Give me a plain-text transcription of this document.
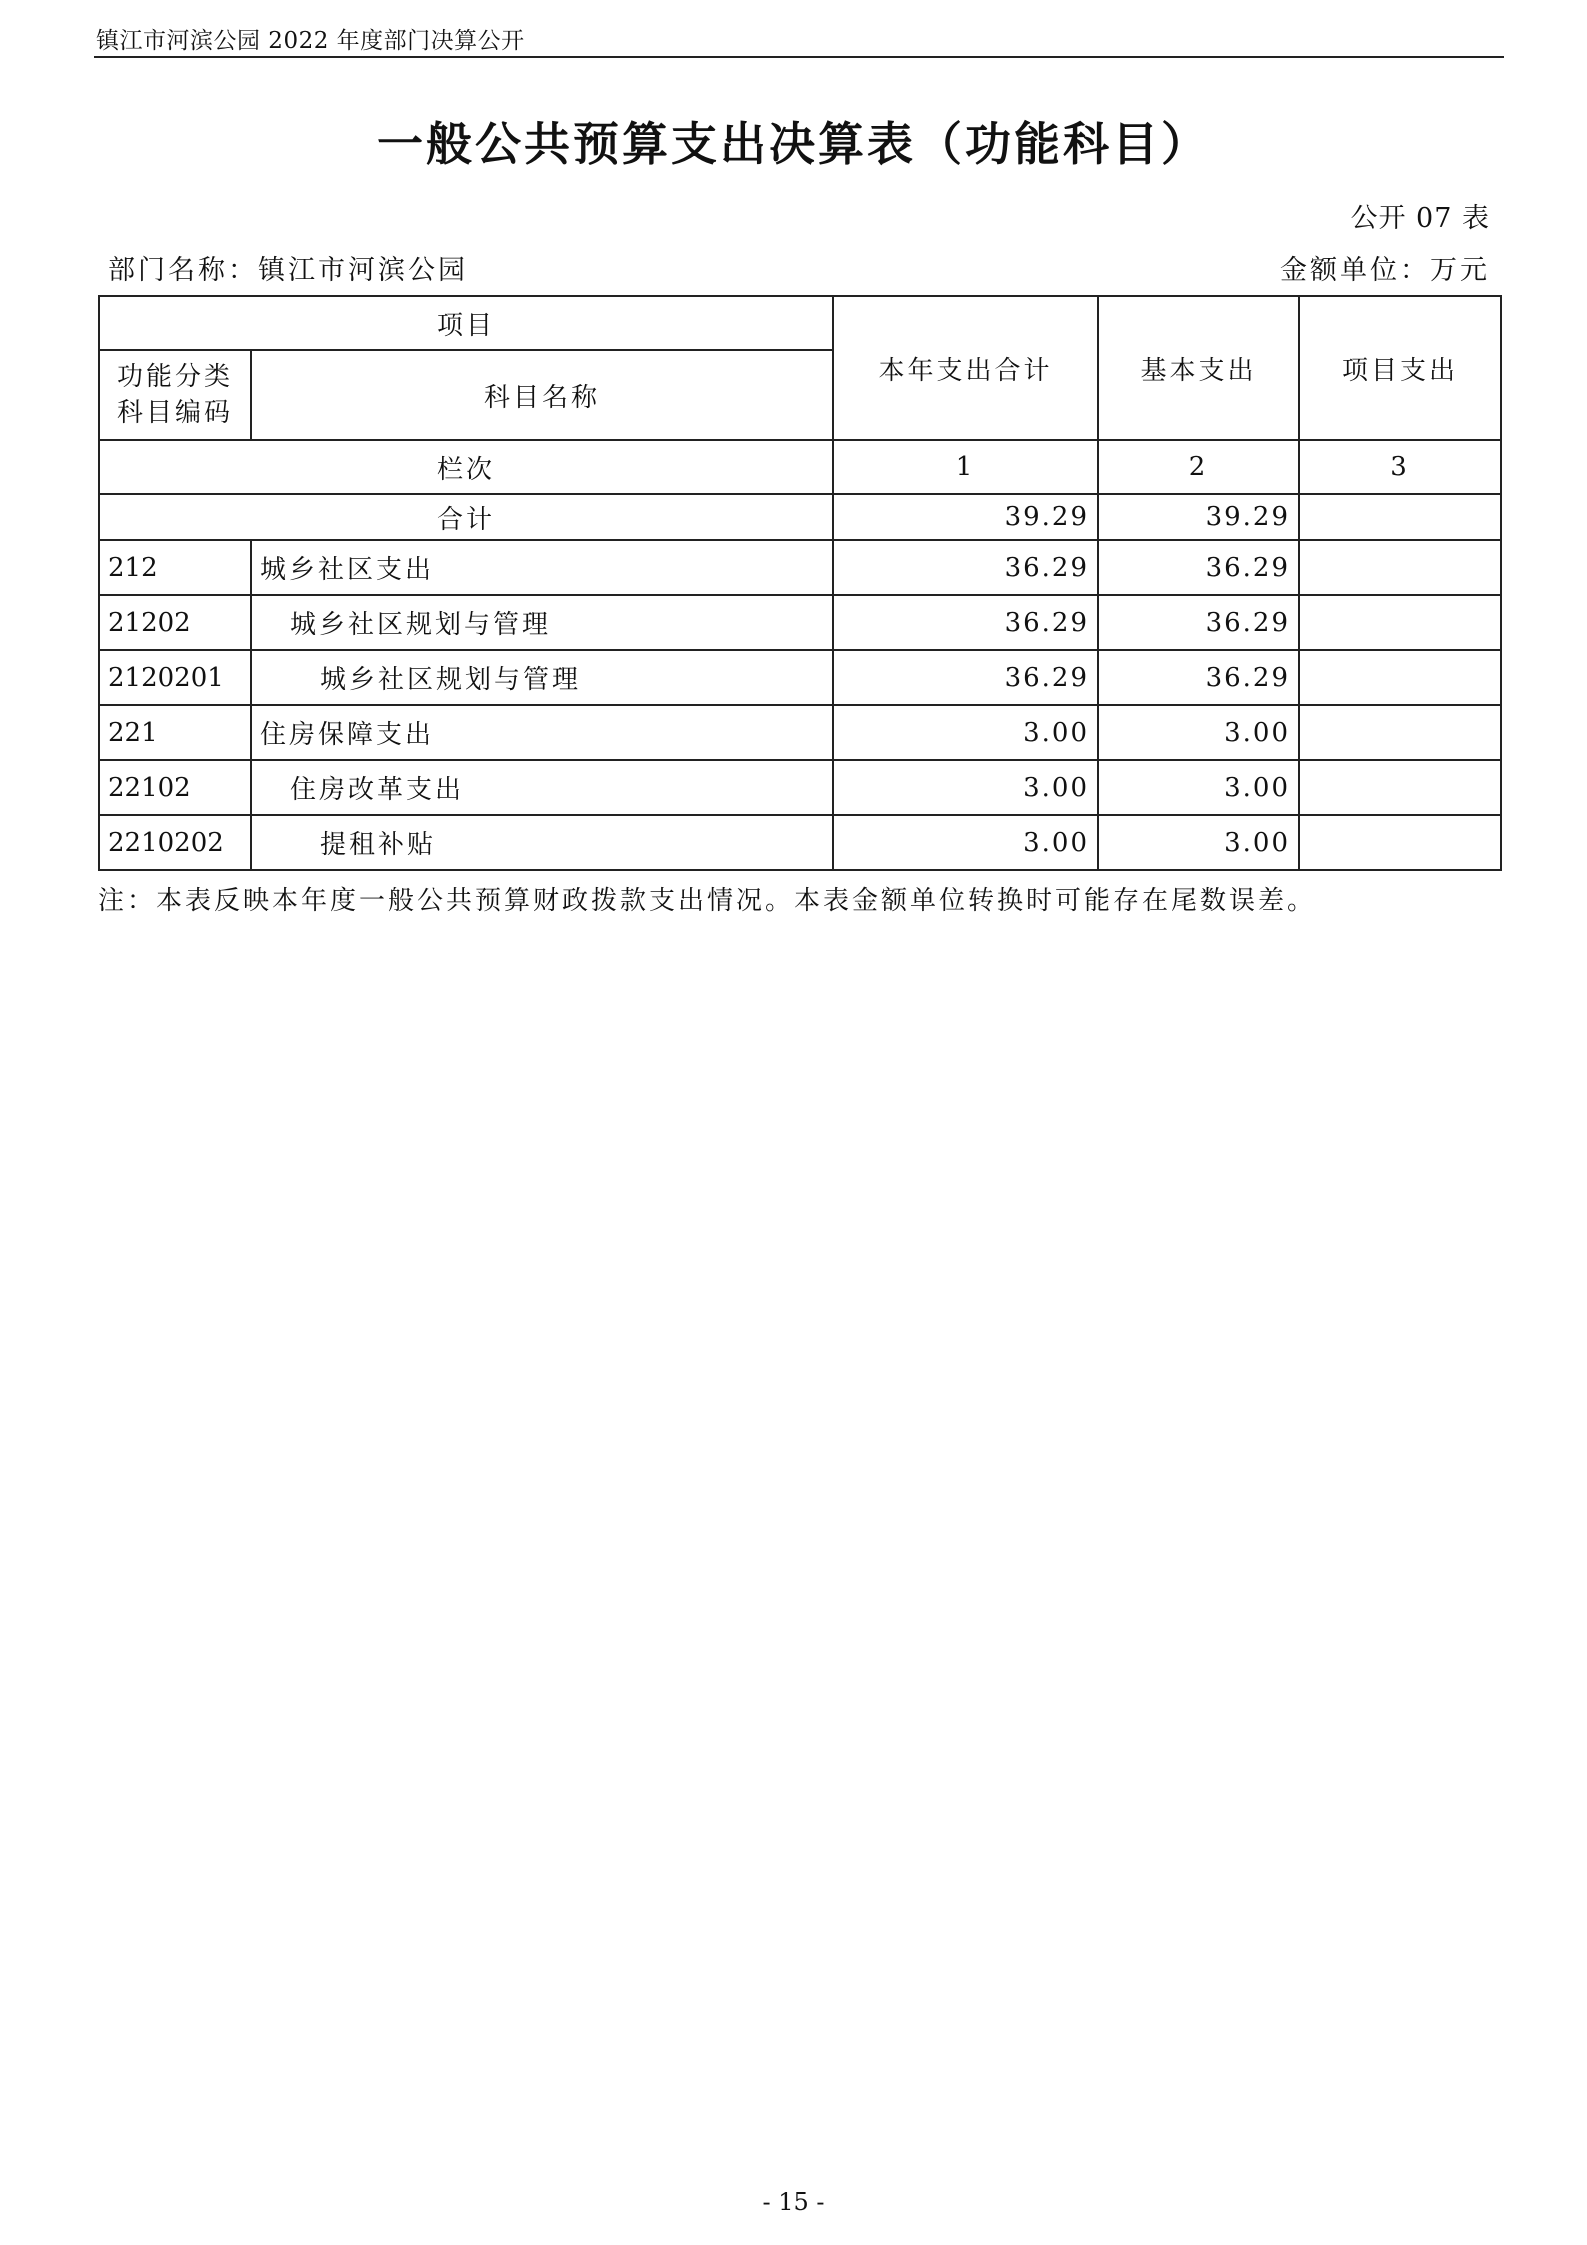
镇江市河滨公园 2022 年度部门决算公开
一般公共预算支出决算表（功能科目）
公开 07 表
部门名称：镇江市河滨公园	金额单位：万元
项目		本年支出合计	基本支出	项目支出

功能分类
科目编码	科目名称			
栏次		1	2	3
合计		39.29	39.29	
212	城乡社区支出	36.29	36.29	
21202	城乡社区规划与管理	36.29	36.29	
2120201	城乡社区规划与管理	36.29	36.29	
221	住房保障支出	3.00	3.00	
22102	住房改革支出	3.00	3.00	
2210202	提租补贴	3.00	3.00	
注：本表反映本年度一般公共预算财政拨款支出情况。本表金额单位转换时可能存在尾数误差。
- 15 -
